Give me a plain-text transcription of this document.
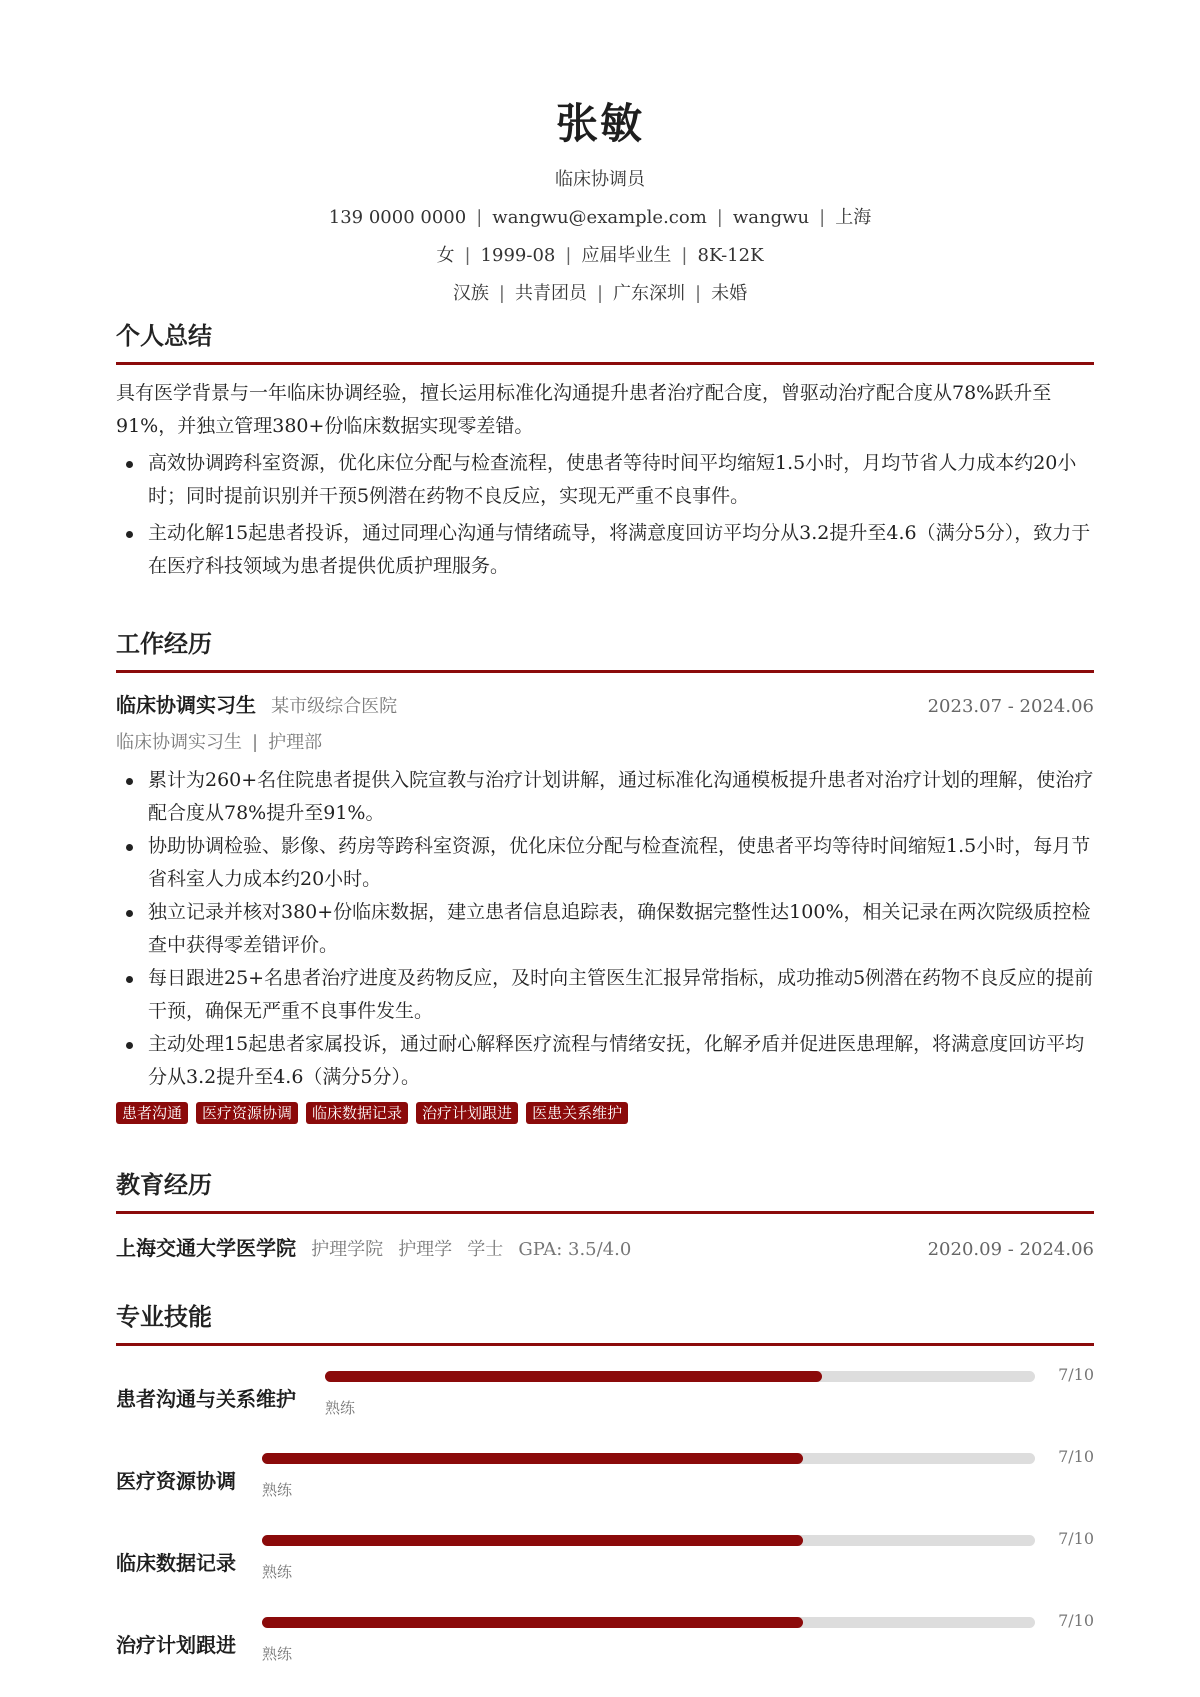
张敏
临床协调员
139 0000 0000 | wangwu@example.com | wangwu | 上海
女 | 1999-08 | 应届毕业生 | 8K-12K
汉族 | 共青团员 | 广东深圳 | 未婚
个人总结

具有医学背景与一年临床协调经验，擅长运用标准化沟通提升患者治疗配合度，曾驱动治疗配合度从78%跃升至91%，并独立管理380+份临床数据实现零差错。

高效协调跨科室资源，优化床位分配与检查流程，使患者等待时间平均缩短1.5小时，月均节省人力成本约20小时；同时提前识别并干预5例潜在药物不良反应，实现无严重不良事件。
主动化解15起患者投诉，通过同理心沟通与情绪疏导，将满意度回访平均分从3.2提升至4.6（满分5分），致力于在医疗科技领域为患者提供优质护理服务。
工作经历
临床协调实习生 某市级综合医院	2023.07 - 2024.06
临床协调实习生 | 护理部
累计为260+名住院患者提供入院宣教与治疗计划讲解，通过标准化沟通模板提升患者对治疗计划的理解，使治疗配合度从78%提升至91%。
协助协调检验、影像、药房等跨科室资源，优化床位分配与检查流程，使患者平均等待时间缩短1.5小时，每月节省科室人力成本约20小时。
独立记录并核对380+份临床数据，建立患者信息追踪表，确保数据完整性达100%，相关记录在两次院级质控检查中获得零差错评价。
每日跟进25+名患者治疗进度及药物反应，及时向主管医生汇报异常指标，成功推动5例潜在药物不良反应的提前干预，确保无严重不良事件发生。
主动处理15起患者家属投诉，通过耐心解释医疗流程与情绪安抚，化解矛盾并促进医患理解，将满意度回访平均分从3.2提升至4.6（满分5分）。
患者沟通	医疗资源协调	临床数据记录	治疗计划跟进	医患关系维护
教育经历
上海交通大学医学院 护理学院 护理学 学士 GPA: 3.5/4.0	2020.09 - 2024.06
专业技能
患者沟通与关系维护
7/10
熟练
医疗资源协调
7/10
熟练
临床数据记录
7/10
熟练
治疗计划跟进
7/10
熟练
